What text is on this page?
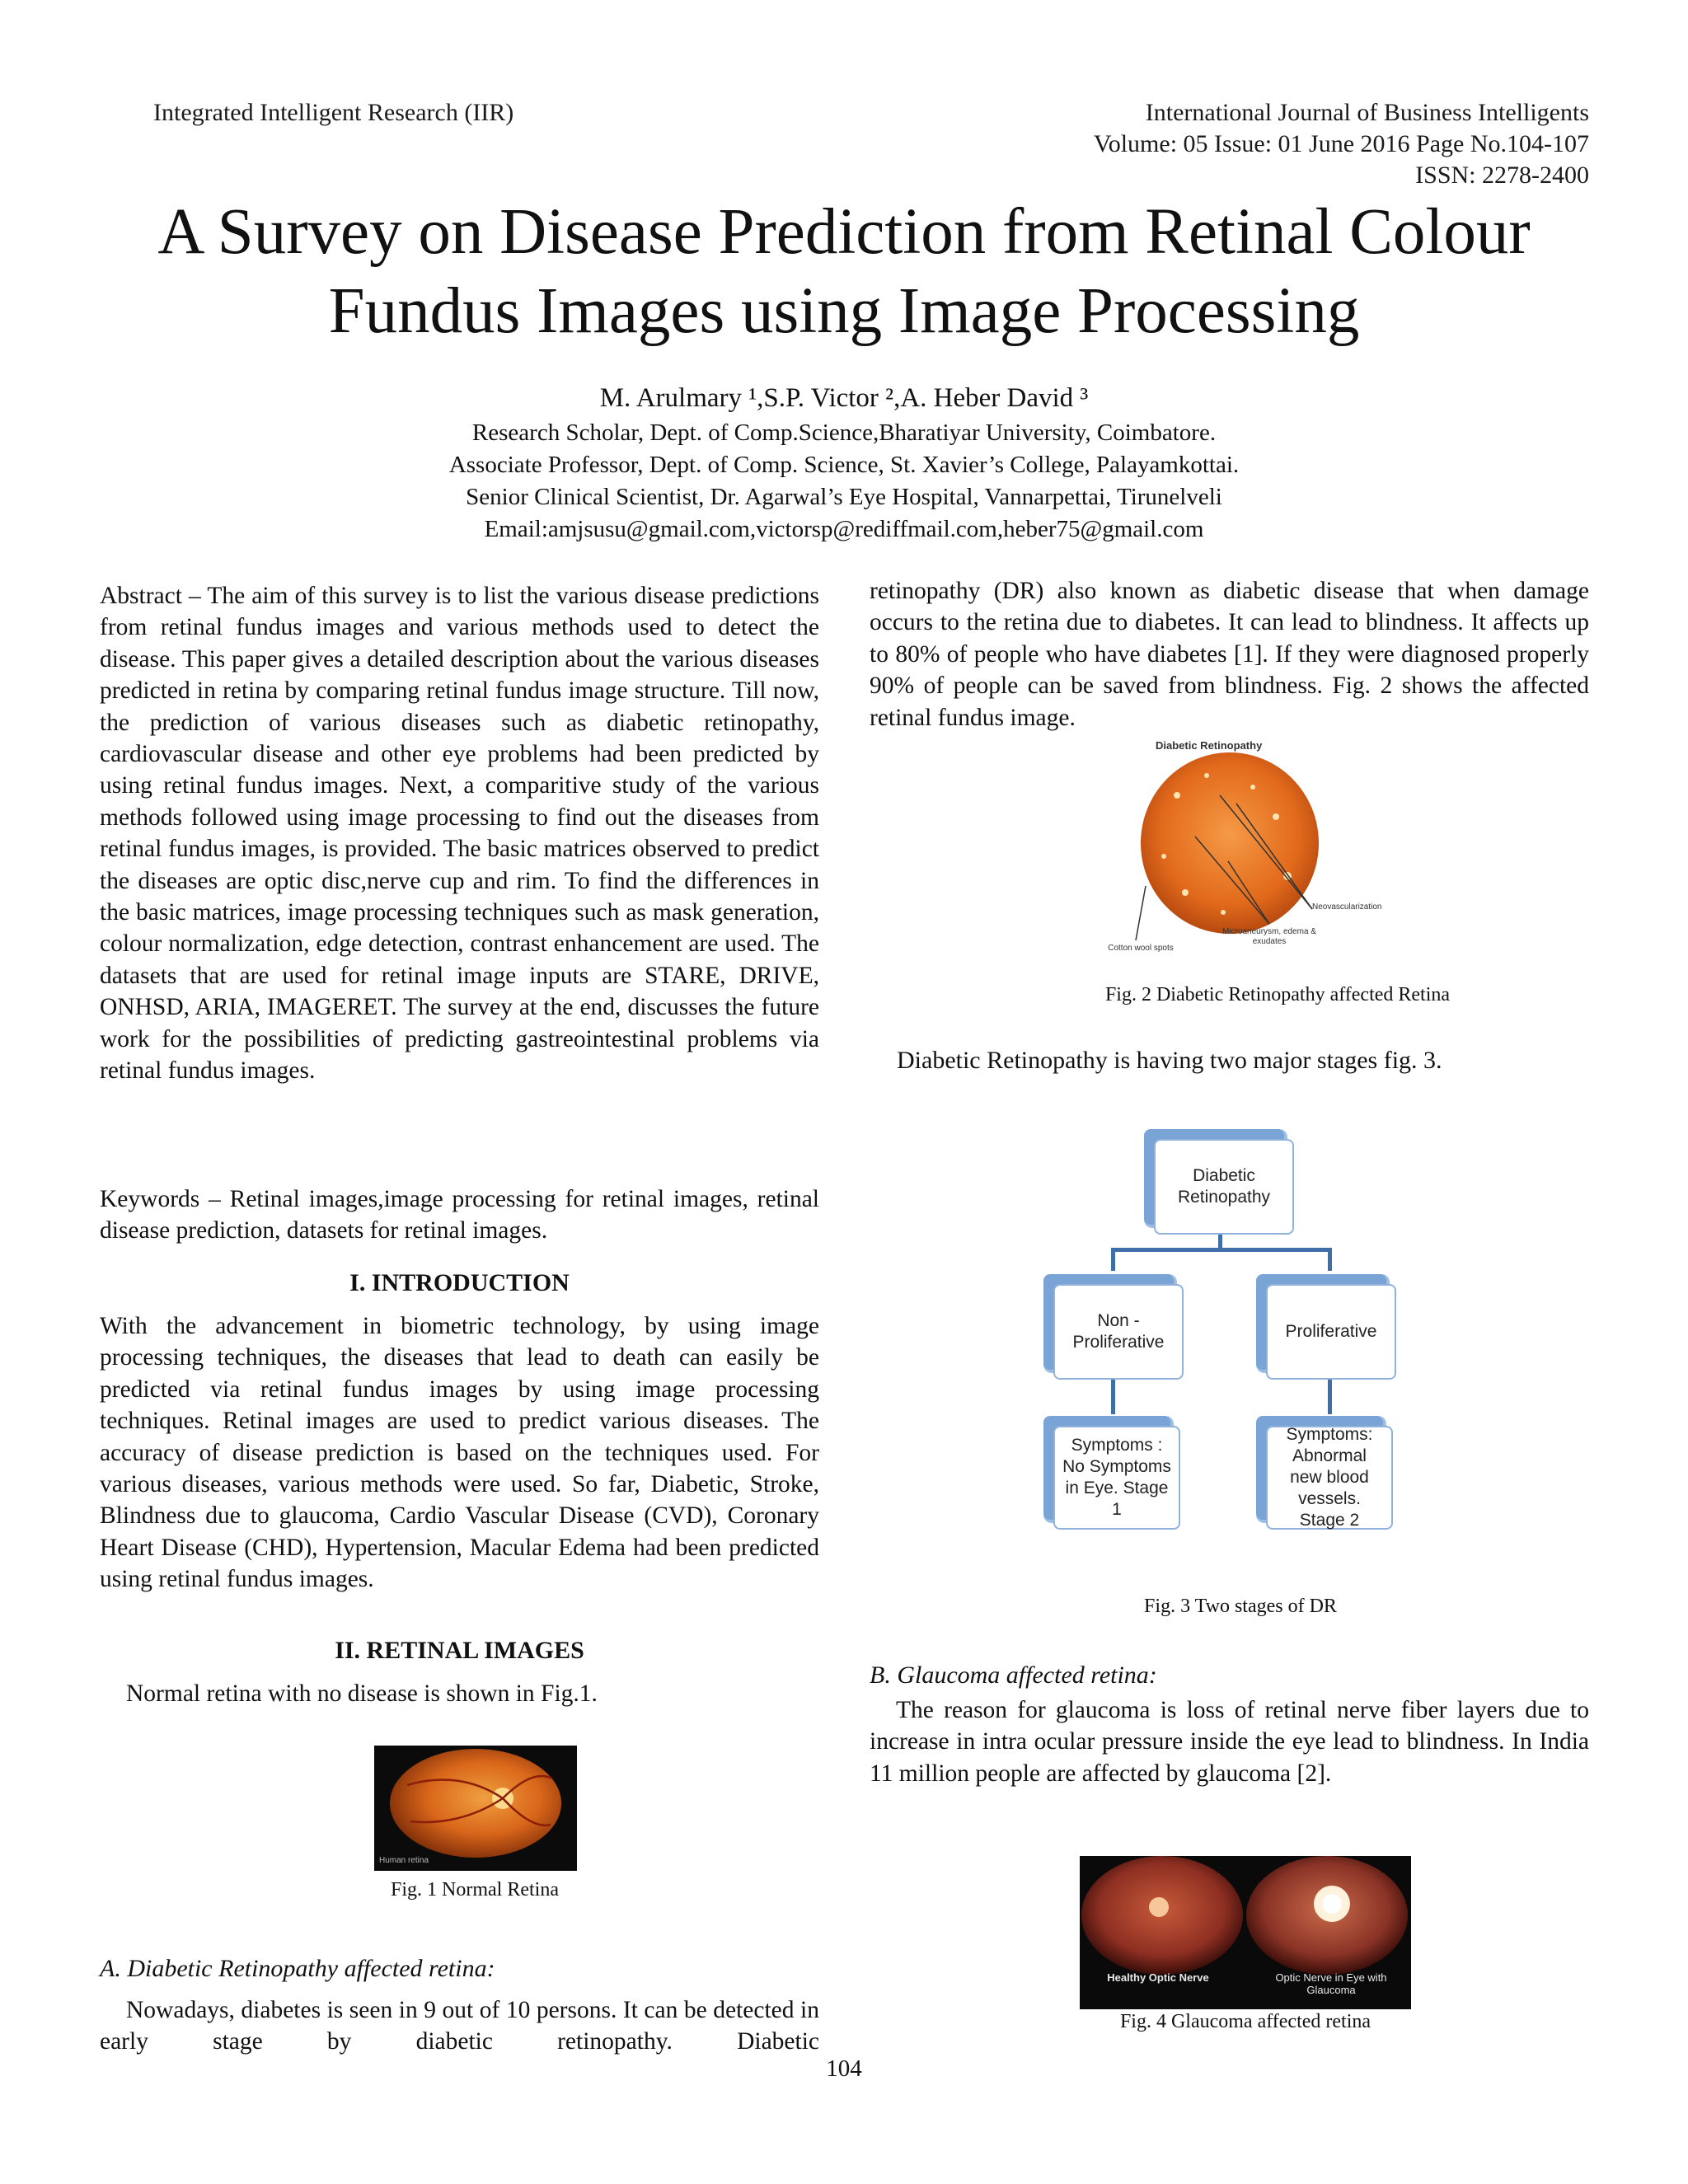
Integrated Intelligent Research (IIR)	International Journal of Business Intelligents
Volume: 05 Issue: 01 June 2016 Page No.104-107
ISSN: 2278-2400
A Survey on Disease Prediction from Retinal Colour
Fundus Images using Image Processing
M. Arulmary ¹,S.P. Victor ²,A. Heber David ³
Research Scholar, Dept. of Comp.Science,Bharatiyar University, Coimbatore.
Associate Professor, Dept. of Comp. Science, St. Xavier’s College, Palayamkottai.
Senior Clinical Scientist, Dr. Agarwal’s Eye Hospital, Vannarpettai, Tirunelveli
Email:amjsusu@gmail.com,victorsp@rediffmail.com,heber75@gmail.com
Abstract – The aim of this survey is to list the various disease predictions from retinal fundus images and various methods used to detect the disease. This paper gives a detailed description about the various diseases predicted in retina by comparing retinal fundus image structure. Till now, the prediction of various diseases such as diabetic retinopathy, cardiovascular disease and other eye problems had been predicted by using retinal fundus images. Next, a comparitive study of the various methods followed using image processing to find out the diseases from retinal fundus images, is provided. The basic matrices observed to predict the diseases are optic disc,nerve cup and rim. To find the differences in the basic matrices, image processing techniques such as mask generation, colour normalization, edge detection, contrast enhancement are used. The datasets that are used for retinal image inputs are STARE, DRIVE, ONHSD, ARIA, IMAGERET. The survey at the end, discusses the future work for the possibilities of predicting gastreointestinal problems via retinal fundus images.
Keywords – Retinal images,image processing for retinal images, retinal disease prediction, datasets for retinal images.
I. INTRODUCTION
With the advancement in biometric technology, by using image processing techniques, the diseases that lead to death can easily be predicted via retinal fundus images by using image processing techniques. Retinal images are used to predict various diseases. The accuracy of disease prediction is based on the techniques used. For various diseases, various methods were used. So far, Diabetic, Stroke, Blindness due to glaucoma, Cardio Vascular Disease (CVD), Coronary Heart Disease (CHD), Hypertension, Macular Edema had been predicted using retinal fundus images.
II. RETINAL IMAGES
Normal retina with no disease is shown in Fig.1.
Human retina
Fig. 1 Normal Retina
A. Diabetic Retinopathy affected retina:
Nowadays, diabetes is seen in 9 out of 10 persons. It can be detected in early stage by diabetic retinopathy. Diabetic
retinopathy (DR) also known as diabetic disease that when damage occurs to the retina due to diabetes. It can lead to blindness. It affects up to 80% of people who have diabetes [1]. If they were diagnosed properly 90% of people can be saved from blindness. Fig. 2 shows the affected retinal fundus image.
Diabetic Retinopathy
Neovascularization
Microaneurysm, edema & exudates
Cotton wool spots
Fig. 2 Diabetic Retinopathy affected Retina
Diabetic Retinopathy is having two major stages fig. 3.
Diabetic Retinopathy
Non - Proliferative
Proliferative
Symptoms : No Symptoms in Eye. Stage 1
Symptoms: Abnormal new blood vessels. Stage 2
Fig. 3 Two stages of DR
B. Glaucoma affected retina:
The reason for glaucoma is loss of retinal nerve fiber layers due to increase in intra ocular pressure inside the eye lead to blindness. In India 11 million people are affected by glaucoma [2].
Healthy Optic Nerve	Optic Nerve in Eye with Glaucoma
Fig. 4 Glaucoma affected retina
104
